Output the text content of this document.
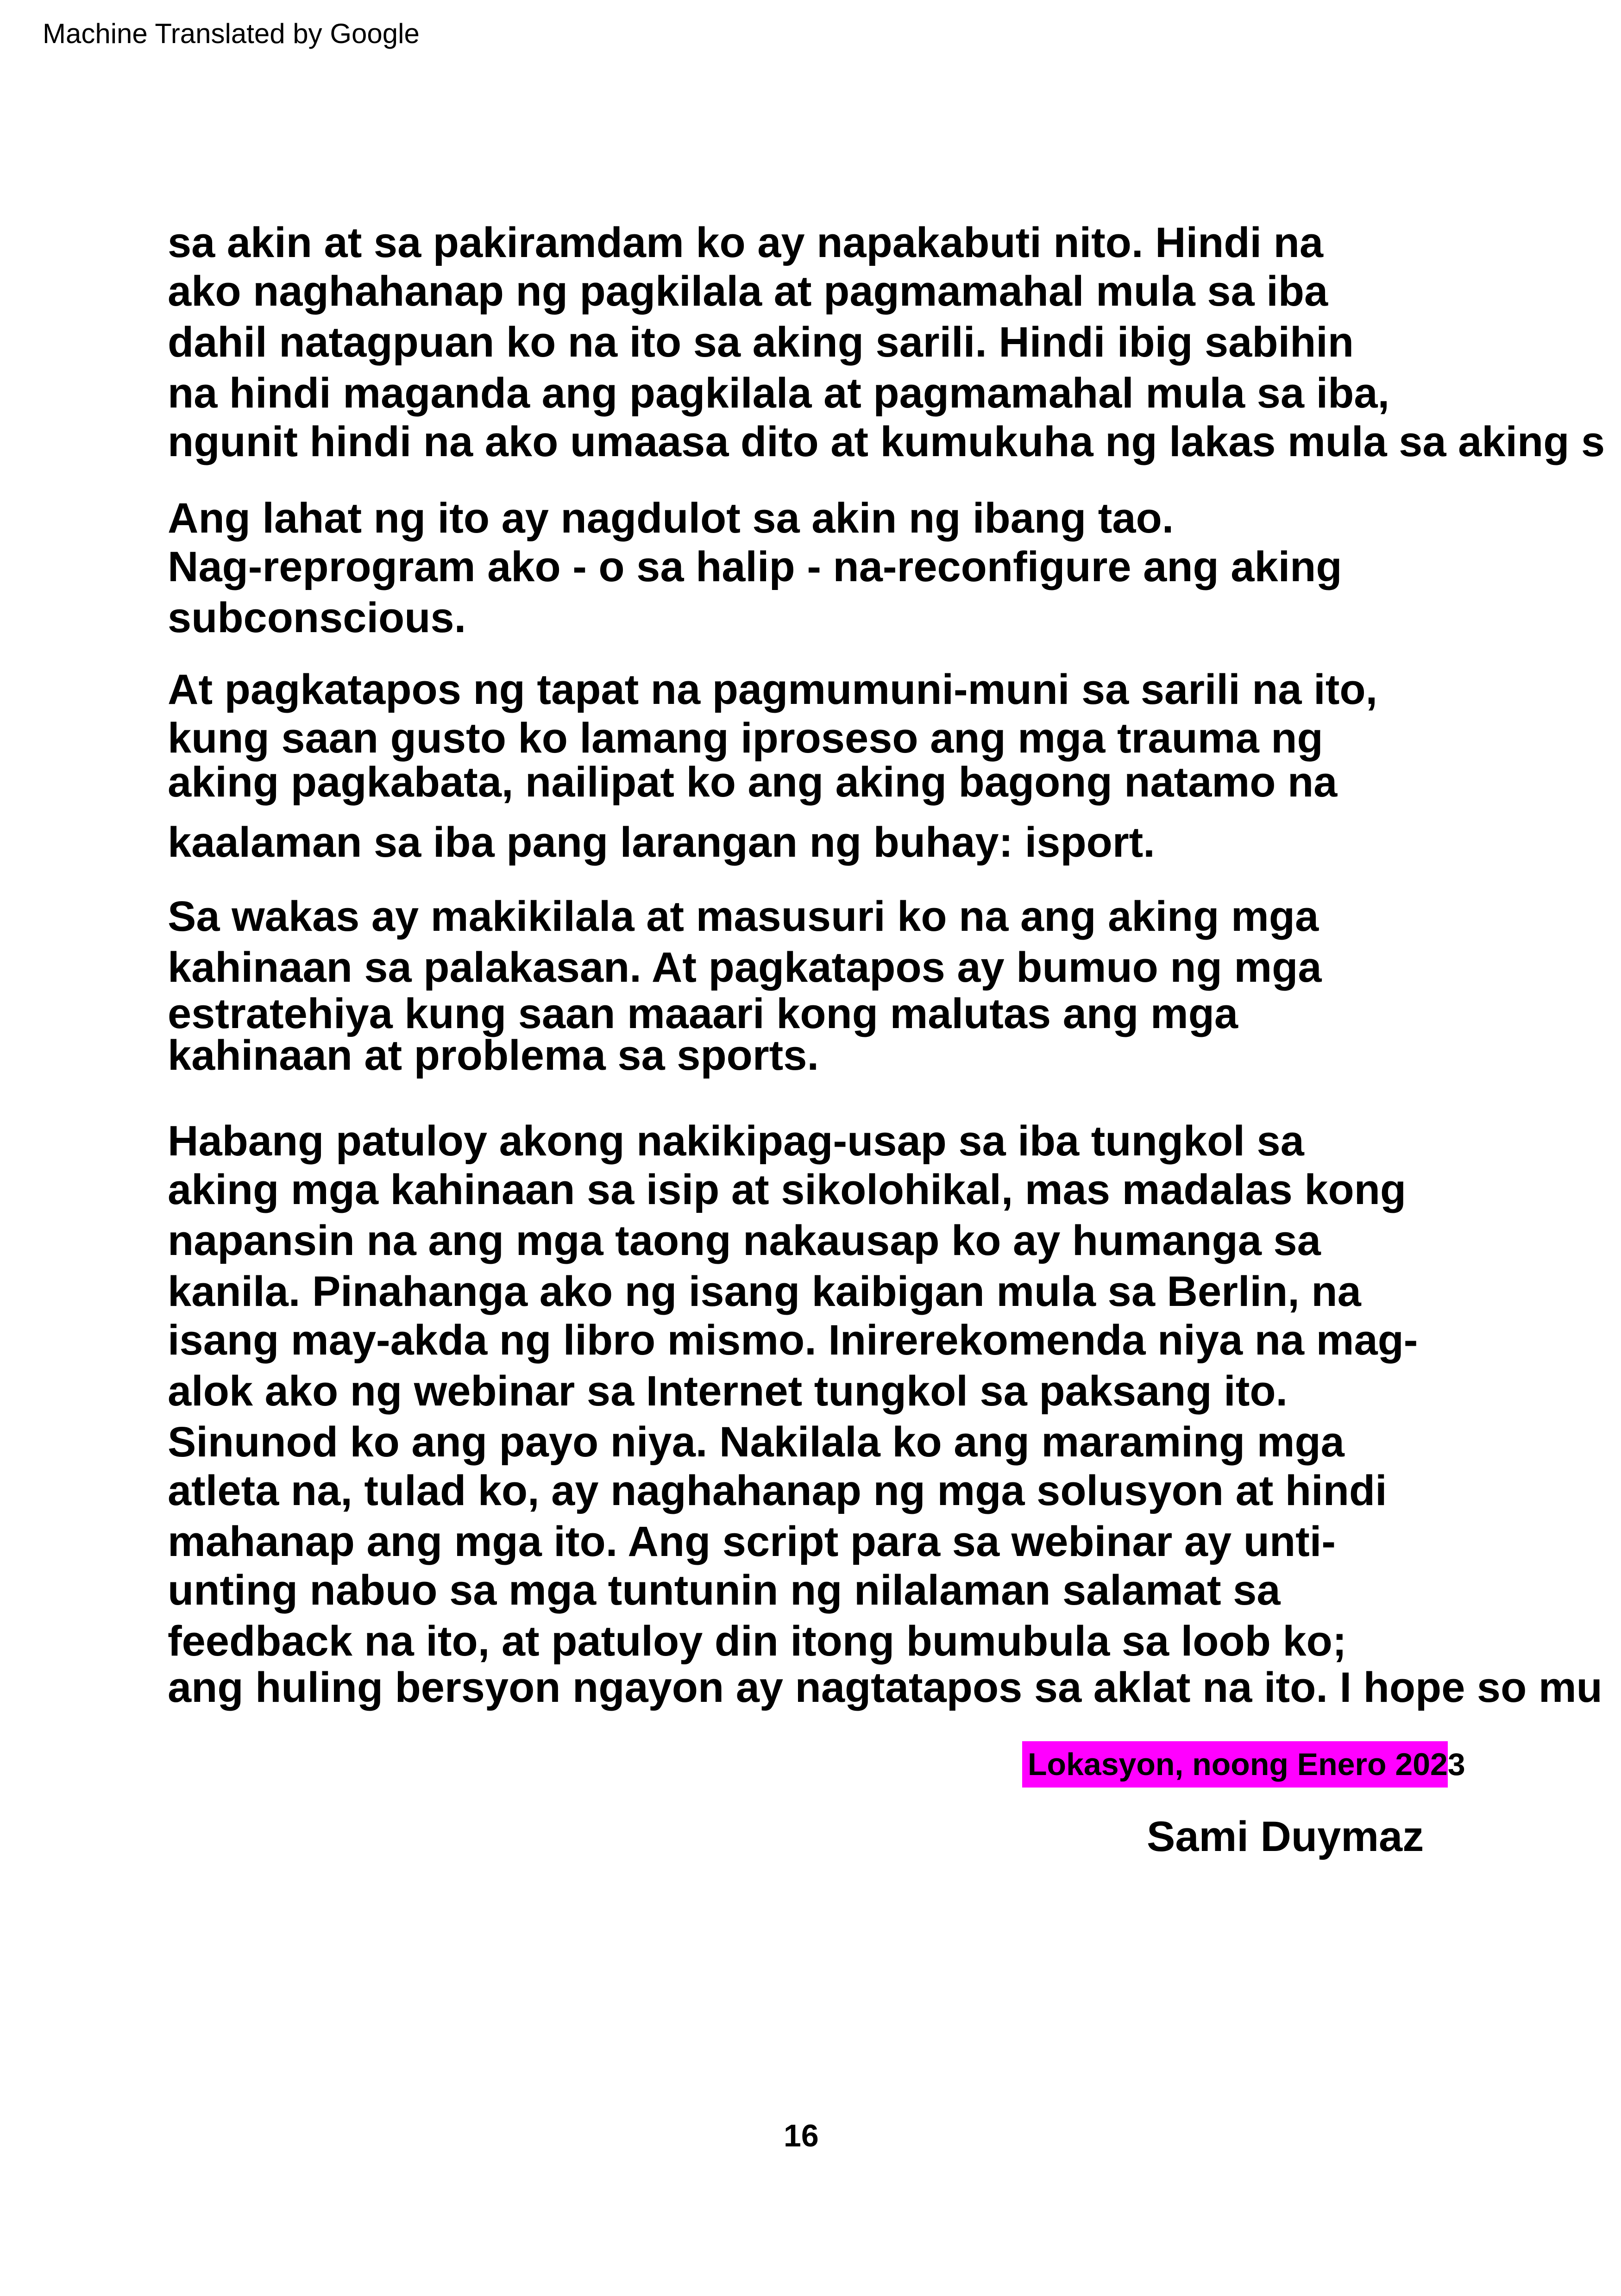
Machine Translated by Google
sa akin at sa pakiramdam ko ay napakabuti nito. Hindi na
ako naghahanap ng pagkilala at pagmamahal mula sa iba
dahil natagpuan ko na ito sa aking sarili. Hindi ibig sabihin
na hindi maganda ang pagkilala at pagmamahal mula sa iba,
ngunit hindi na ako umaasa dito at kumukuha ng lakas mula sa aking s
Ang lahat ng ito ay nagdulot sa akin ng ibang tao.
Nag-reprogram ako - o sa halip - na-reconfigure ang aking
subconscious.
At pagkatapos ng tapat na pagmumuni-muni sa sarili na ito,
kung saan gusto ko lamang iproseso ang mga trauma ng
aking pagkabata, nailipat ko ang aking bagong natamo na
kaalaman sa iba pang larangan ng buhay: isport.
Sa wakas ay makikilala at masusuri ko na ang aking mga
kahinaan sa palakasan. At pagkatapos ay bumuo ng mga
estratehiya kung saan maaari kong malutas ang mga
kahinaan at problema sa sports.
Habang patuloy akong nakikipag-usap sa iba tungkol sa
aking mga kahinaan sa isip at sikolohikal, mas madalas kong
napansin na ang mga taong nakausap ko ay humanga sa
kanila. Pinahanga ako ng isang kaibigan mula sa Berlin, na
isang may-akda ng libro mismo. Inirerekomenda niya na mag-
alok ako ng webinar sa Internet tungkol sa paksang ito.
Sinunod ko ang payo niya. Nakilala ko ang maraming mga
atleta na, tulad ko, ay naghahanap ng mga solusyon at hindi
mahanap ang mga ito. Ang script para sa webinar ay unti-
unting nabuo sa mga tuntunin ng nilalaman salamat sa
feedback na ito, at patuloy din itong bumubula sa loob ko;
ang huling bersyon ngayon ay nagtatapos sa aklat na ito. I hope so mu
Lokasyon, noong Enero 2023
Sami Duymaz
16
